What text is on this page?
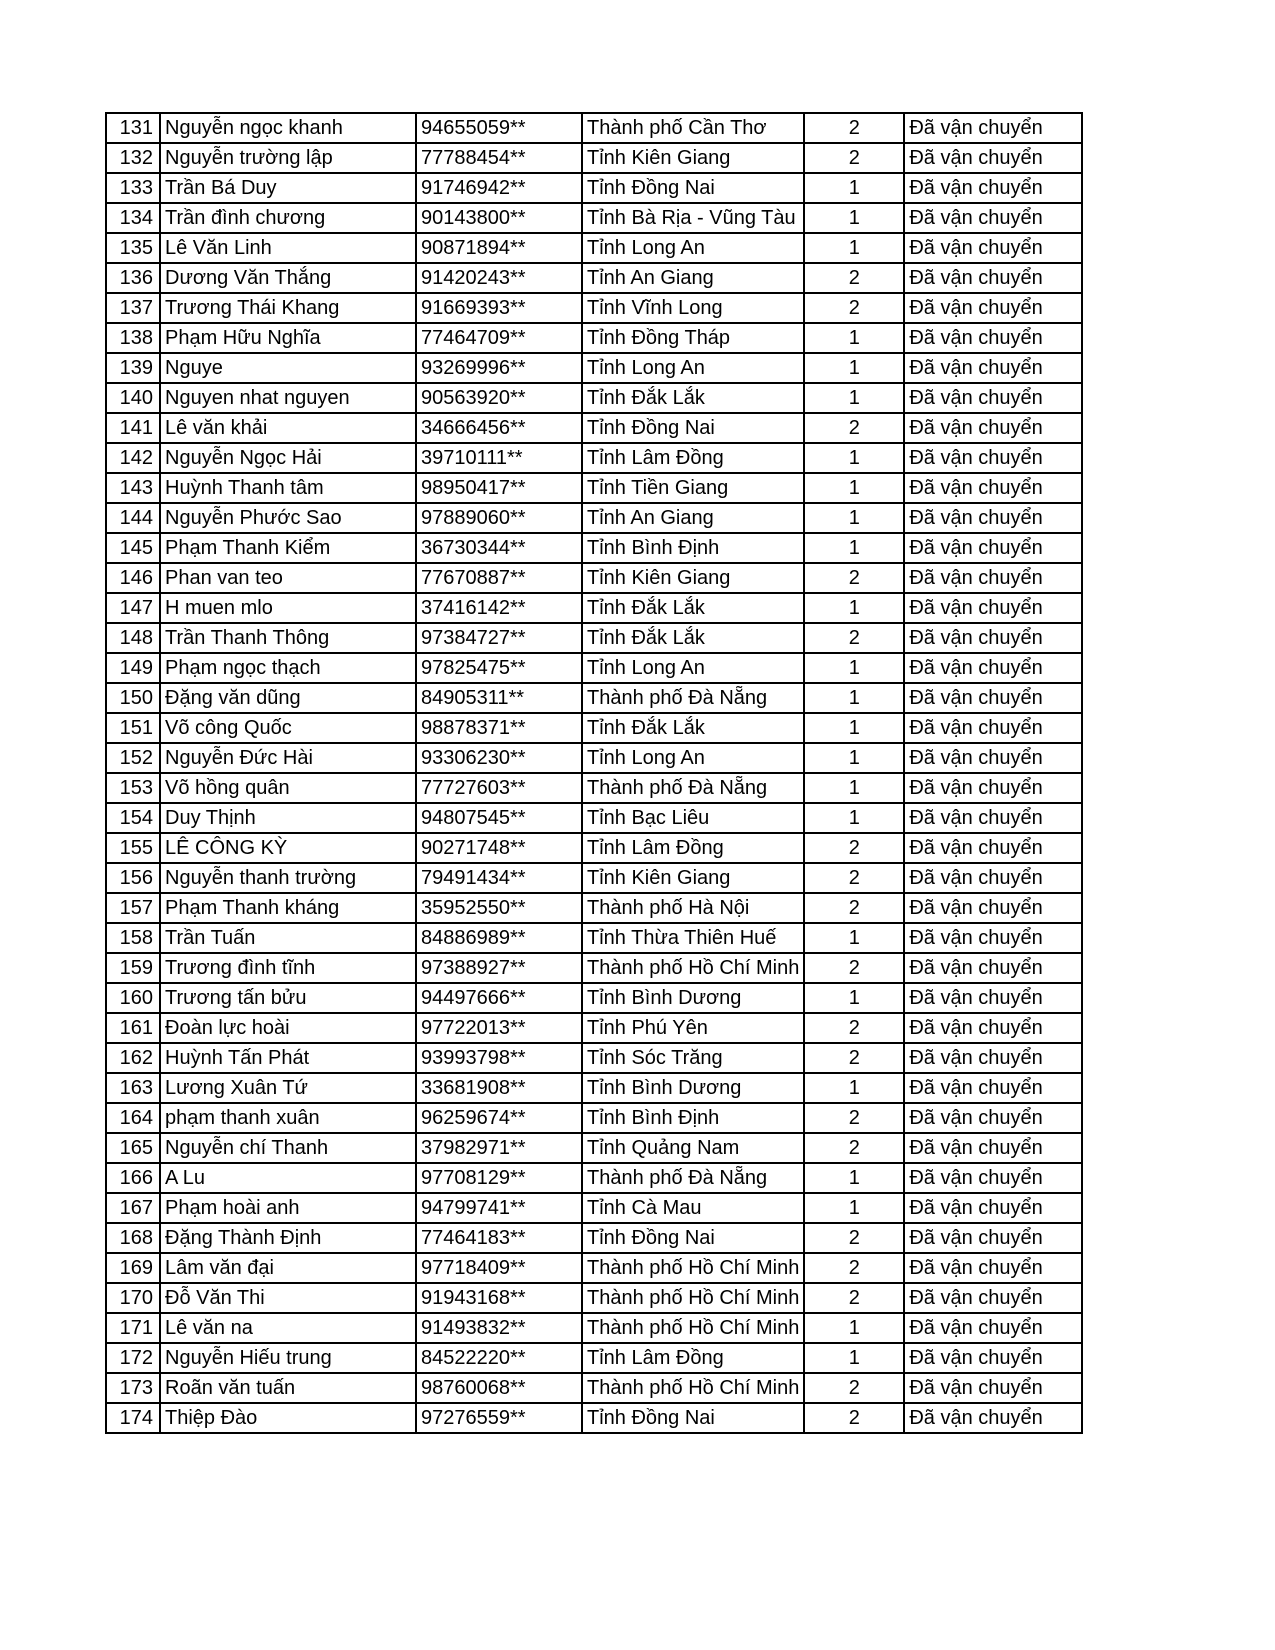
131	Nguyễn ngọc khanh	94655059**	Thành phố Cần Thơ	2	Đã vận chuyển
132	Nguyễn trường lập	77788454**	Tỉnh Kiên Giang	2	Đã vận chuyển
133	Trần Bá Duy	91746942**	Tỉnh Đồng Nai	1	Đã vận chuyển
134	Trần đình chương	90143800**	Tỉnh Bà Rịa - Vũng Tàu	1	Đã vận chuyển
135	Lê Văn Linh	90871894**	Tỉnh Long An	1	Đã vận chuyển
136	Dương Văn Thắng	91420243**	Tỉnh An Giang	2	Đã vận chuyển
137	Trương Thái Khang	91669393**	Tỉnh Vĩnh Long	2	Đã vận chuyển
138	Phạm Hữu Nghĩa	77464709**	Tỉnh Đồng Tháp	1	Đã vận chuyển
139	Nguye	93269996**	Tỉnh Long An	1	Đã vận chuyển
140	Nguyen nhat nguyen	90563920**	Tỉnh Đắk Lắk	1	Đã vận chuyển
141	Lê văn khải	34666456**	Tỉnh Đồng Nai	2	Đã vận chuyển
142	Nguyễn Ngọc Hải	39710111**	Tỉnh Lâm Đồng	1	Đã vận chuyển
143	Huỳnh Thanh tâm	98950417**	Tỉnh Tiền Giang	1	Đã vận chuyển
144	Nguyễn Phước Sao	97889060**	Tỉnh An Giang	1	Đã vận chuyển
145	Phạm Thanh Kiểm	36730344**	Tỉnh Bình Định	1	Đã vận chuyển
146	Phan van teo	77670887**	Tỉnh Kiên Giang	2	Đã vận chuyển
147	H muen mlo	37416142**	Tỉnh Đắk Lắk	1	Đã vận chuyển
148	Trần Thanh Thông	97384727**	Tỉnh Đắk Lắk	2	Đã vận chuyển
149	Phạm ngọc thạch	97825475**	Tỉnh Long An	1	Đã vận chuyển
150	Đặng văn dũng	84905311**	Thành phố Đà Nẵng	1	Đã vận chuyển
151	Võ công Quốc	98878371**	Tỉnh Đắk Lắk	1	Đã vận chuyển
152	Nguyễn Đức Hài	93306230**	Tỉnh Long An	1	Đã vận chuyển
153	Võ hồng quân	77727603**	Thành phố Đà Nẵng	1	Đã vận chuyển
154	Duy Thịnh	94807545**	Tỉnh Bạc Liêu	1	Đã vận chuyển
155	LÊ CÔNG KỲ	90271748**	Tỉnh Lâm Đồng	2	Đã vận chuyển
156	Nguyễn thanh trường	79491434**	Tỉnh Kiên Giang	2	Đã vận chuyển
157	Phạm Thanh kháng	35952550**	Thành phố Hà Nội	2	Đã vận chuyển
158	Trần Tuấn	84886989**	Tỉnh Thừa Thiên Huế	1	Đã vận chuyển
159	Trương đình tĩnh	97388927**	Thành phố Hồ Chí Minh	2	Đã vận chuyển
160	Trương tấn bửu	94497666**	Tỉnh Bình Dương	1	Đã vận chuyển
161	Đoàn lực hoài	97722013**	Tỉnh Phú Yên	2	Đã vận chuyển
162	Huỳnh Tấn Phát	93993798**	Tỉnh Sóc Trăng	2	Đã vận chuyển
163	Lương Xuân Tứ	33681908**	Tỉnh Bình Dương	1	Đã vận chuyển
164	phạm thanh xuân	96259674**	Tỉnh Bình Định	2	Đã vận chuyển
165	Nguyễn chí Thanh	37982971**	Tỉnh Quảng Nam	2	Đã vận chuyển
166	A Lu	97708129**	Thành phố Đà Nẵng	1	Đã vận chuyển
167	Phạm hoài anh	94799741**	Tỉnh Cà Mau	1	Đã vận chuyển
168	Đặng Thành Định	77464183**	Tỉnh Đồng Nai	2	Đã vận chuyển
169	Lâm văn đại	97718409**	Thành phố Hồ Chí Minh	2	Đã vận chuyển
170	Đỗ Văn Thi	91943168**	Thành phố Hồ Chí Minh	2	Đã vận chuyển
171	Lê văn na	91493832**	Thành phố Hồ Chí Minh	1	Đã vận chuyển
172	Nguyễn Hiếu trung	84522220**	Tỉnh Lâm Đồng	1	Đã vận chuyển
173	Roãn văn tuấn	98760068**	Thành phố Hồ Chí Minh	2	Đã vận chuyển
174	Thiệp Đào	97276559**	Tỉnh Đồng Nai	2	Đã vận chuyển
